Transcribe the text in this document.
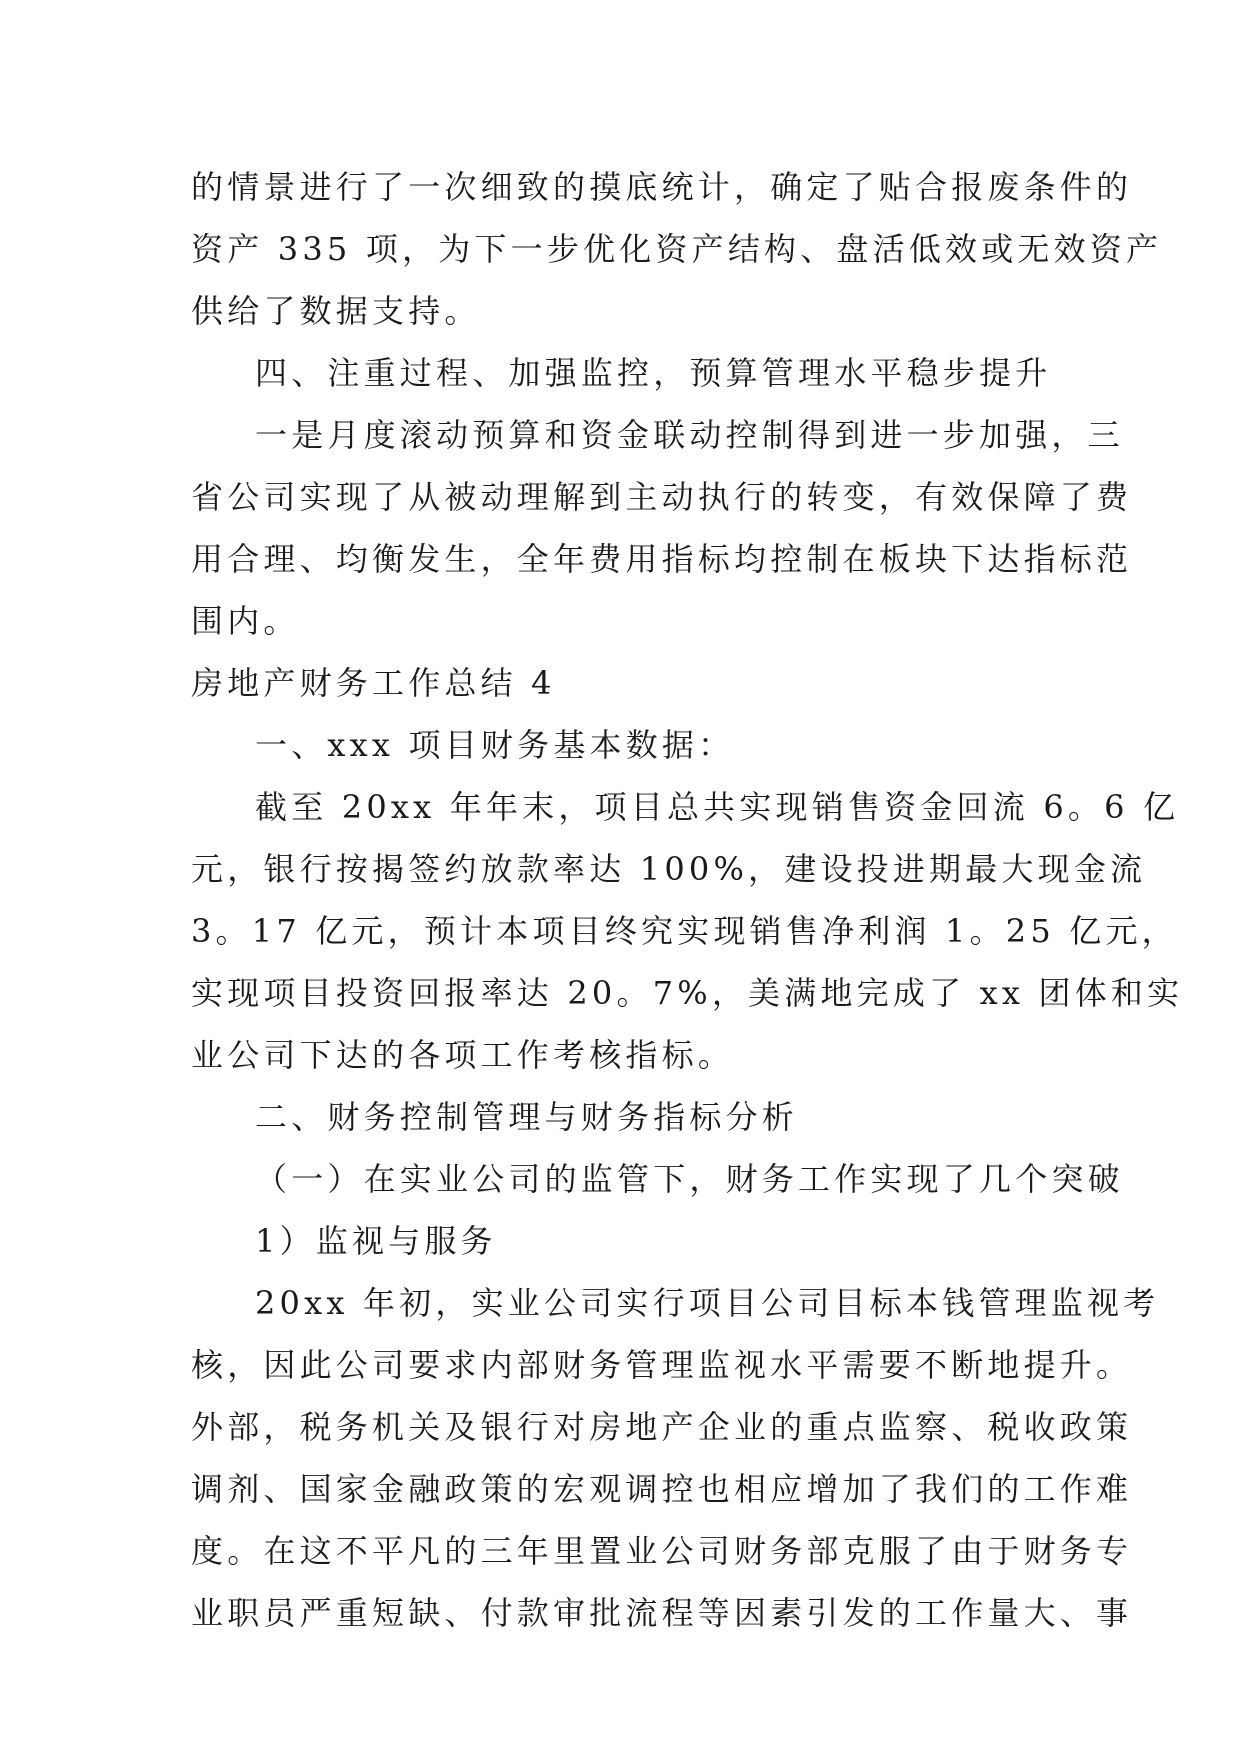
的情景进行了一次细致的摸底统计，确定了贴合报废条件的
资产 335 项，为下一步优化资产结构、盘活低效或无效资产
供给了数据支持。
四、注重过程、加强监控，预算管理水平稳步提升
一是月度滚动预算和资金联动控制得到进一步加强，三
省公司实现了从被动理解到主动执行的转变，有效保障了费
用合理、均衡发生，全年费用指标均控制在板块下达指标范
围内。
房地产财务工作总结 4
一、xxx 项目财务基本数据：
截至 20xx 年年末，项目总共实现销售资金回流 6。6 亿
元，银行按揭签约放款率达 100%，建设投进期最大现金流
3。17 亿元，预计本项目终究实现销售净利润 1。25 亿元，
实现项目投资回报率达 20。7%，美满地完成了 xx 团体和实
业公司下达的各项工作考核指标。
二、财务控制管理与财务指标分析
（一）在实业公司的监管下，财务工作实现了几个突破
1）监视与服务
20xx 年初，实业公司实行项目公司目标本钱管理监视考
核，因此公司要求内部财务管理监视水平需要不断地提升。
外部，税务机关及银行对房地产企业的重点监察、税收政策
调剂、国家金融政策的宏观调控也相应增加了我们的工作难
度。在这不平凡的三年里置业公司财务部克服了由于财务专
业职员严重短缺、付款审批流程等因素引发的工作量大、事
